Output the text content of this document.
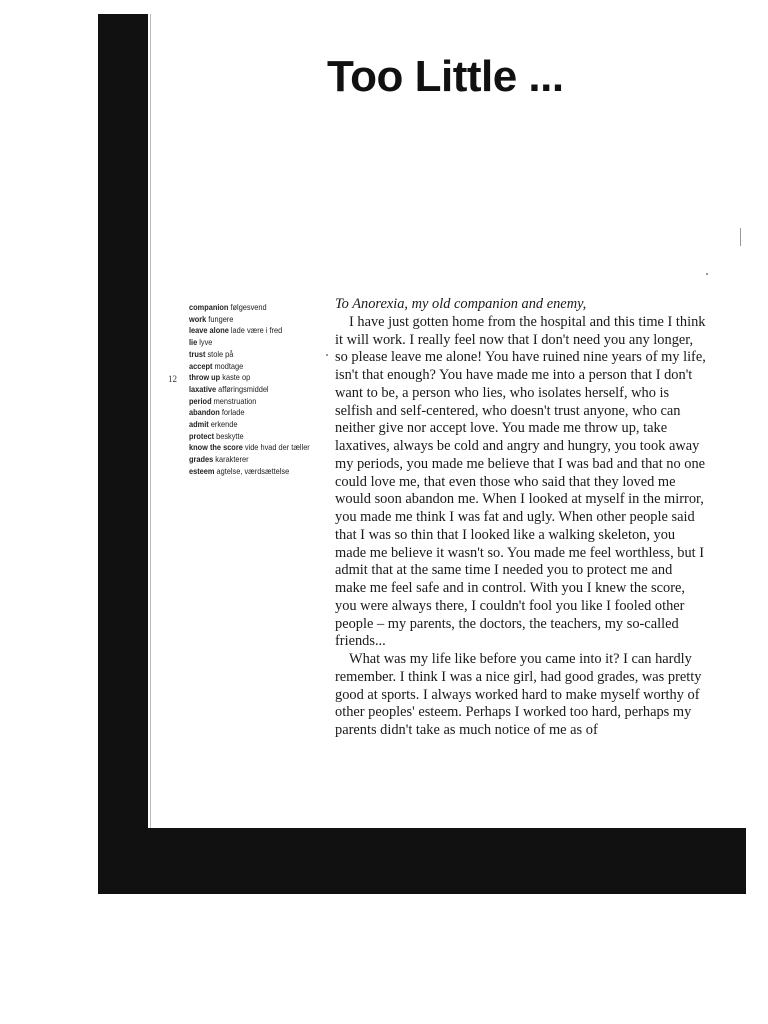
Too Little ...
12
companion følgesvend
work fungere
leave alone lade være i fred
lie lyve
trust stole på
accept modtage
throw up kaste op
laxative afføringsmiddel
period menstruation
abandon forlade
admit erkende
protect beskytte
know the score vide hvad der tæller
grades karakterer
esteem agtelse, værdsættelse

To Anorexia, my old companion and enemy,

I have just gotten home from the hospital and this time I think it will work. I really feel now that I don't need you any longer, so please leave me alone! You have ruined nine years of my life, isn't that enough? You have made me into a person that I don't want to be, a person who lies, who isolates herself, who is selfish and self-centered, who doesn't trust anyone, who can neither give nor accept love. You made me throw up, take laxatives, always be cold and angry and hungry, you took away my periods, you made me believe that I was bad and that no one could love me, that even those who said that they loved me would soon abandon me. When I looked at myself in the mirror, you made me think I was fat and ugly. When other people said that I was so thin that I looked like a walking skeleton, you made me believe it wasn't so. You made me feel worthless, but I admit that at the same time I needed you to protect me and make me feel safe and in control. With you I knew the score, you were always there, I couldn't fool you like I fooled other people – my parents, the doctors, the teachers, my so-called friends...

What was my life like before you came into it? I can hardly remember. I think I was a nice girl, had good grades, was pretty good at sports. I always worked hard to make myself worthy of other peoples' esteem. Perhaps I worked too hard, perhaps my parents didn't take as much notice of me as of
